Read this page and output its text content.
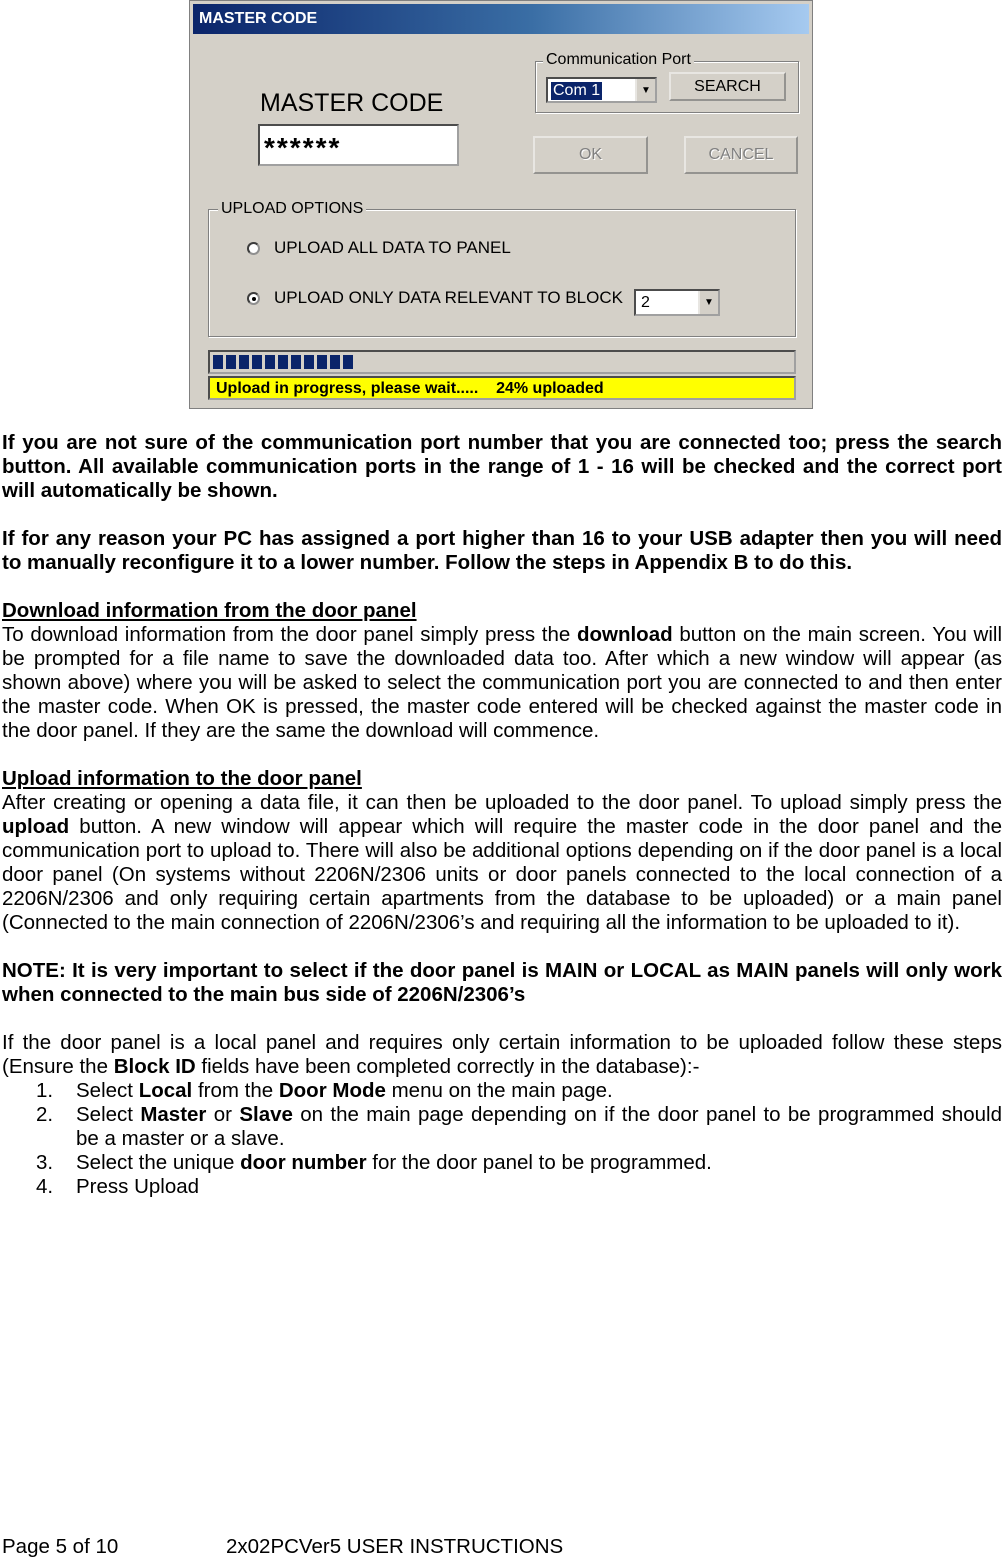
MASTER CODE
MASTER CODE
******
Communication Port
Com 1	▼	SEARCH
OK	CANCEL
UPLOAD OPTIONS
UPLOAD ALL DATA TO PANEL
UPLOAD ONLY DATA RELEVANT TO BLOCK 2	▼
Upload in progress, please wait.....    24% uploaded

If you are not sure of the communication port number that you are connected too; press the search button. All available communication ports in the range of 1 - 16 will be checked and the correct port will automatically be shown.

If for any reason your PC has assigned a port higher than 16 to your USB adapter then you will need to manually reconfigure it to a lower number. Follow the steps in Appendix B to do this.

Download information from the door panel

To download information from the door panel simply press the download button on the main screen. You will be prompted for a file name to save the downloaded data too. After which a new window will appear (as shown above) where you will be asked to select the communication port you are connected to and then enter the master code. When OK is pressed, the master code entered will be checked against the master code in the door panel. If they are the same the download will commence.

Upload information to the door panel

After creating or opening a data file, it can then be uploaded to the door panel. To upload simply press the upload button. A new window will appear which will require the master code in the door panel and the communication port to upload to. There will also be additional options depending on if the door panel is a local door panel (On systems without 2206N/2306 units or door panels connected to the local connection of a 2206N/2306 and only requiring certain apartments from the database to be uploaded) or a main panel (Connected to the main connection of 2206N/2306’s and requiring all the information to be uploaded to it).

NOTE: It is very important to select if the door panel is MAIN or LOCAL as MAIN panels will only work when connected to the main bus side of 2206N/2306’s

If the door panel is a local panel and requires only certain information to be uploaded follow these steps (Ensure the Block ID fields have been completed correctly in the database):-

1. Select Local from the Door Mode menu on the main page.
2. Select Master or Slave on the main page depending on if the door panel to be programmed should be a master or a slave.
3. Select the unique door number for the door panel to be programmed.
4. Press Upload
Page 5 of 10	2x02PCVer5 USER INSTRUCTIONS
